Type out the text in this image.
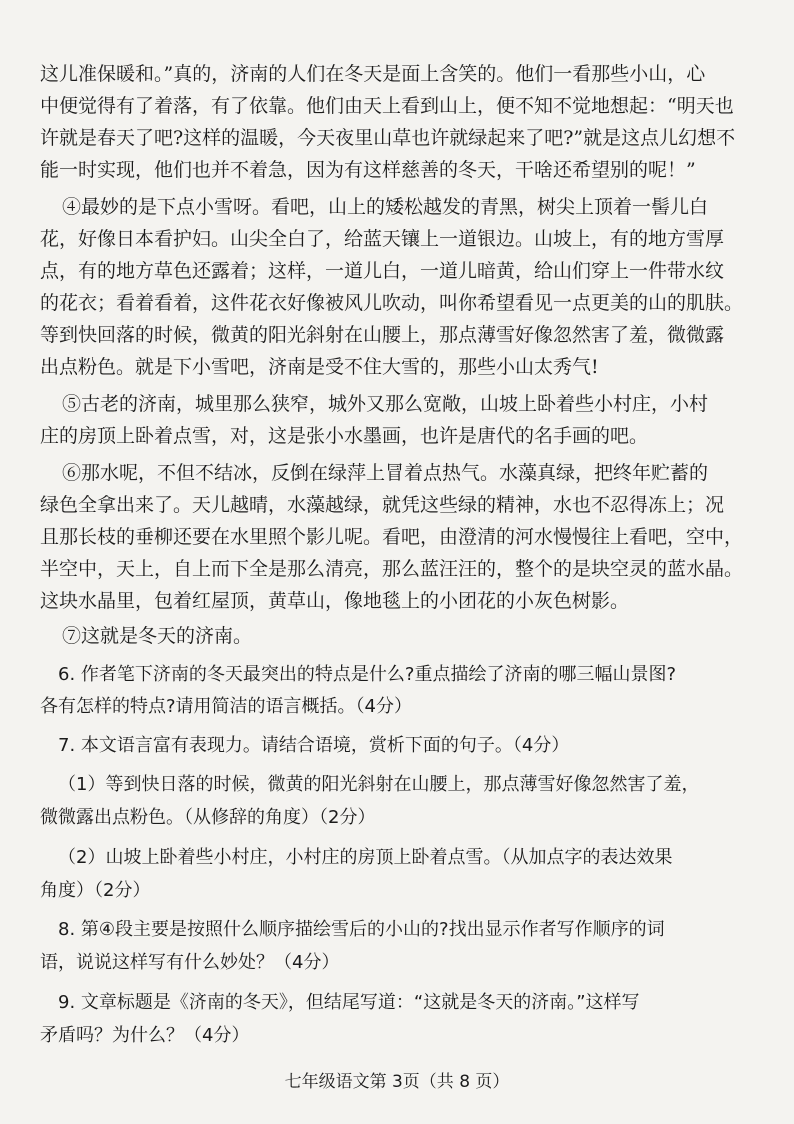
这儿准保暖和。”真的，济南的人们在冬天是面上含笑的。他们一看那些小山，心
中便觉得有了着落，有了依靠。他们由天上看到山上，便不知不觉地想起：“明天也
许就是春天了吧?这样的温暖，今天夜里山草也许就绿起来了吧?”就是这点儿幻想不
能一时实现，他们也并不着急，因为有这样慈善的冬天，干啥还希望别的呢！”
④最妙的是下点小雪呀。看吧，山上的矮松越发的青黑，树尖上顶着一髻儿白
花，好像日本看护妇。山尖全白了，给蓝天镶上一道银边。山坡上，有的地方雪厚
点，有的地方草色还露着；这样，一道儿白，一道儿暗黄，给山们穿上一件带水纹
的花衣；看着看着，这件花衣好像被风儿吹动，叫你希望看见一点更美的山的肌肤。
等到快回落的时候，微黄的阳光斜射在山腰上，那点薄雪好像忽然害了羞，微微露
出点粉色。就是下小雪吧，济南是受不住大雪的，那些小山太秀气!
⑤古老的济南，城里那么狭窄，城外又那么宽敞，山坡上卧着些小村庄，小村
庄的房顶上卧着点雪，对，这是张小水墨画，也许是唐代的名手画的吧。
⑥那水呢，不但不结冰，反倒在绿萍上冒着点热气。水藻真绿，把终年贮蓄的
绿色全拿出来了。天儿越晴，水藻越绿，就凭这些绿的精神，水也不忍得冻上；况
且那长枝的垂柳还要在水里照个影儿呢。看吧，由澄清的河水慢慢往上看吧，空中，
半空中，天上，自上而下全是那么清亮，那么蓝汪汪的，整个的是块空灵的蓝水晶。
这块水晶里，包着红屋顶，黄草山，像地毯上的小团花的小灰色树影。
⑦这就是冬天的济南。
6. 作者笔下济南的冬天最突出的特点是什么?重点描绘了济南的哪三幅山景图?
各有怎样的特点?请用简洁的语言概括。（4分）
7. 本文语言富有表现力。请结合语境，赏析下面的句子。（4分）
（1）等到快日落的时候，微黄的阳光斜射在山腰上，那点薄雪好像忽然害了羞，
微微露出点粉色。（从修辞的角度）（2分）
（2）山坡上卧着些小村庄，小村庄的房顶上卧着点雪。（从加点字的表达效果
角度）（2分）
8. 第④段主要是按照什么顺序描绘雪后的小山的?找出显示作者写作顺序的词
语，说说这样写有什么妙处？（4分）
9. 文章标题是《济南的冬天》，但结尾写道：“这就是冬天的济南。”这样写
矛盾吗？为什么？（4分）
七年级语文第 3页（共 8 页）
